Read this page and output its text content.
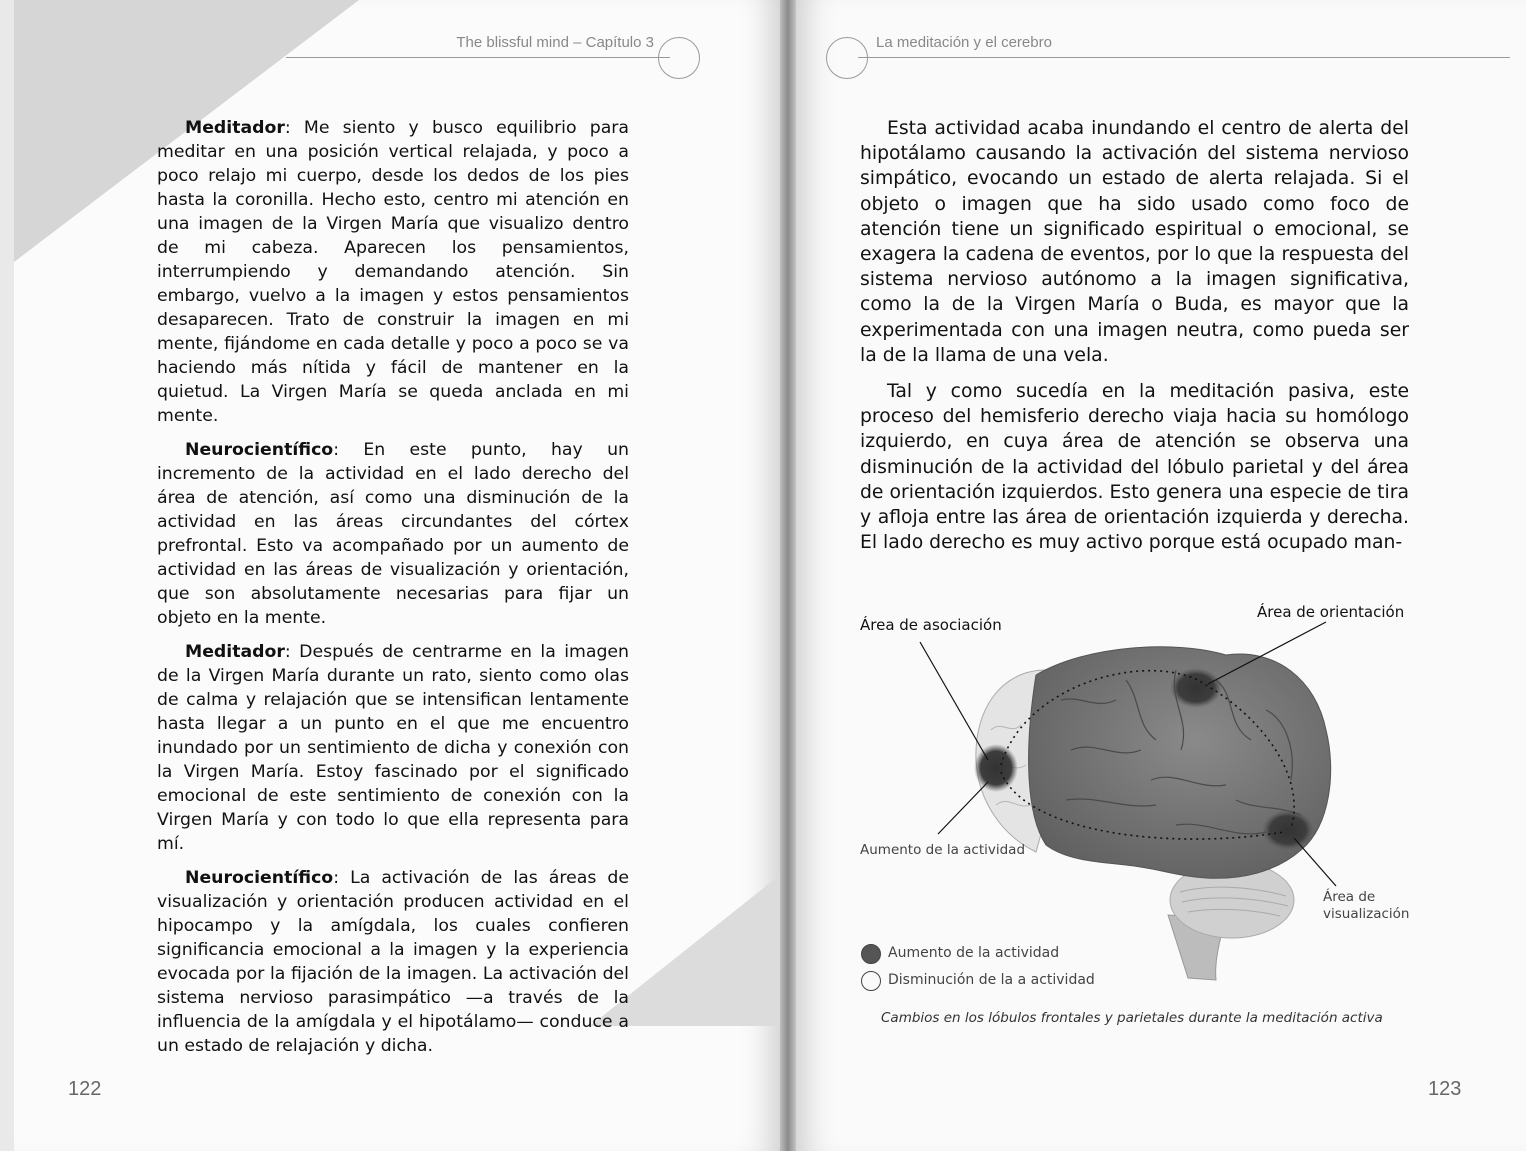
The blissful mind – Capítulo 3

Meditador: Me siento y busco equilibrio para meditar en una posición vertical relajada, y poco a poco relajo mi cuerpo, desde los dedos de los pies hasta la coronilla. Hecho esto, centro mi atención en una imagen de la Virgen María que visualizo dentro de mi cabeza. Aparecen los pensamientos, interrumpiendo y demandando atención. Sin embargo, vuelvo a la imagen y estos pensamientos desaparecen. Trato de construir la imagen en mi mente, fijándome en cada detalle y poco a poco se va haciendo más nítida y fácil de mantener en la quietud. La Virgen María se queda anclada en mi mente.

Neurocientífico: En este punto, hay un incremento de la actividad en el lado derecho del área de atención, así como una disminución de la actividad en las áreas circundantes del córtex prefrontal. Esto va acompañado por un aumento de actividad en las áreas de visualización y orientación, que son absolutamente necesarias para fijar un objeto en la mente.

Meditador: Después de centrarme en la imagen de la Virgen María durante un rato, siento como olas de calma y relajación que se intensifican lentamente hasta llegar a un punto en el que me encuentro inundado por un sentimiento de dicha y conexión con la Virgen María. Estoy fascinado por el significado emocional de este sentimiento de conexión con la Virgen María y con todo lo que ella representa para mí.

Neurocientífico: La activación de las áreas de visualización y orientación producen actividad en el hipocampo y la amígdala, los cuales confieren significancia emocional a la imagen y la experiencia evocada por la fijación de la imagen. La activación del sistema nervioso parasimpático —a través de la influencia de la amígdala y el hipotálamo— conduce a un estado de relajación y dicha.

122
La meditación y el cerebro

Esta actividad acaba inundando el centro de alerta del hipotálamo causando la activación del sistema nervioso simpático, evocando un estado de alerta relajada. Si el objeto o imagen que ha sido usado como foco de atención tiene un significado espiritual o emocional, se exagera la cadena de eventos, por lo que la respuesta del sistema nervioso autónomo a la imagen significativa, como la de la Virgen María o Buda, es mayor que la experimentada con una imagen neutra, como pueda ser la de la llama de una vela.

Tal y como sucedía en la meditación pasiva, este proceso del hemisferio derecho viaja hacia su homólogo izquierdo, en cuya área de atención se observa una disminución de la actividad del lóbulo parietal y del área de orientación izquierdos. Esto genera una especie de tira y afloja entre las área de orientación izquierda y derecha. El lado derecho es muy activo porque está ocupado man-

Área de asociación
Área de orientación
Aumento de la actividad
Área de
visualización
Aumento de la actividad
Disminución de la a actividad
Cambios en los lóbulos frontales y parietales durante la meditación activa
123
